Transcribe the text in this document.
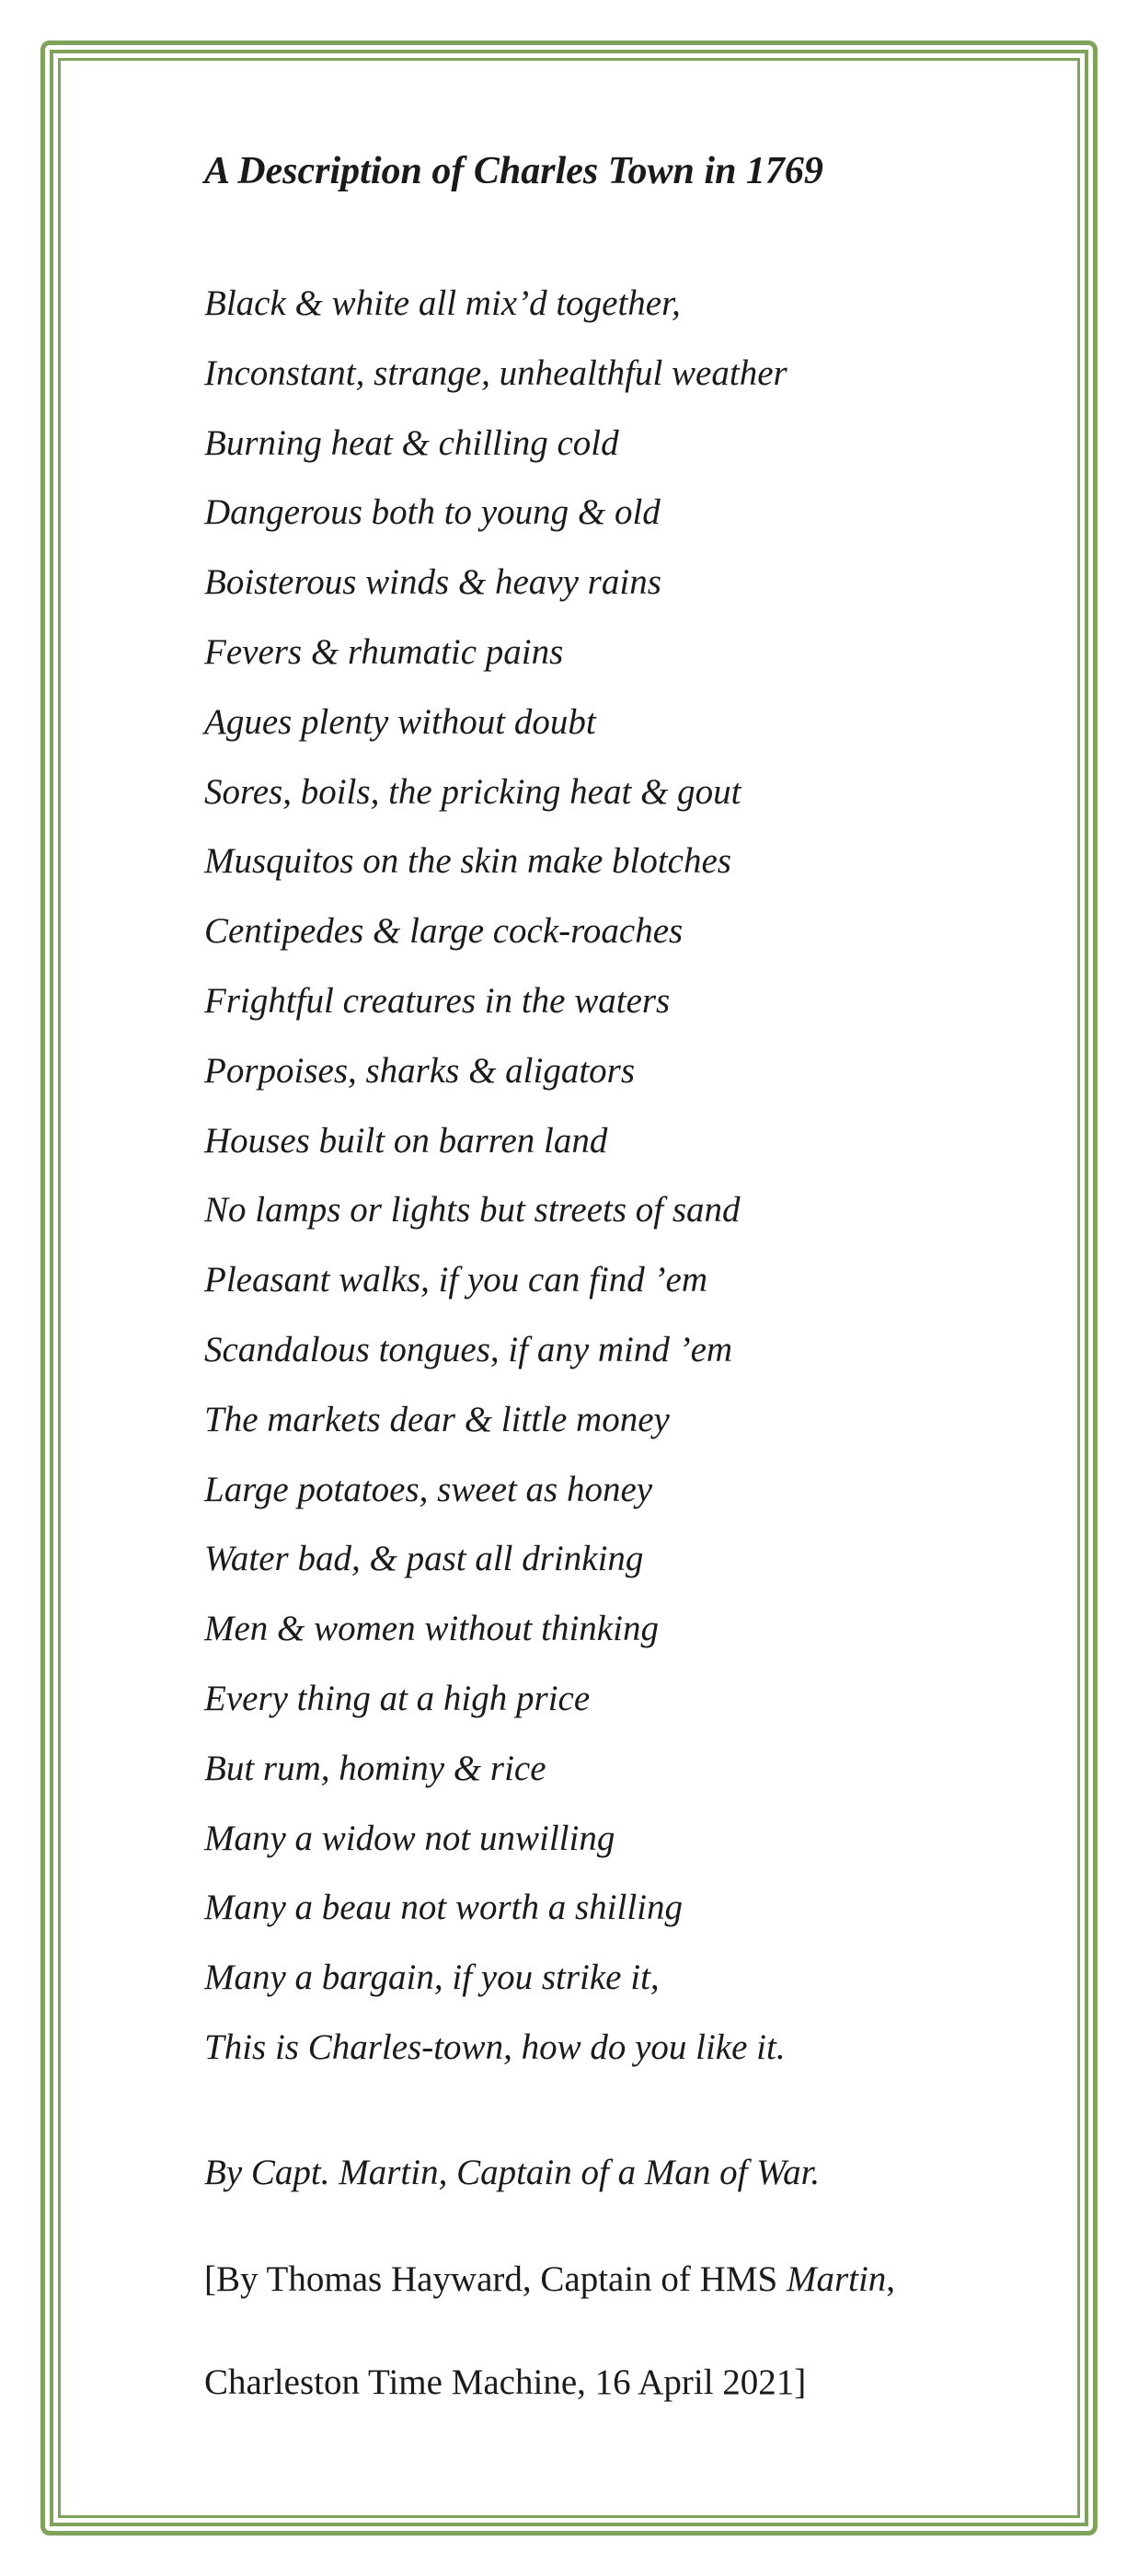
A Description of Charles Town in 1769
Black & white all mix’d together,
Inconstant, strange, unhealthful weather
Burning heat & chilling cold
Dangerous both to young & old
Boisterous winds & heavy rains
Fevers & rhumatic pains
Agues plenty without doubt
Sores, boils, the pricking heat & gout
Musquitos on the skin make blotches
Centipedes & large cock-roaches
Frightful creatures in the waters
Porpoises, sharks & aligators
Houses built on barren land
No lamps or lights but streets of sand
Pleasant walks, if you can find ’em
Scandalous tongues, if any mind ’em
The markets dear & little money
Large potatoes, sweet as honey
Water bad, & past all drinking
Men & women without thinking
Every thing at a high price
But rum, hominy & rice
Many a widow not unwilling
Many a beau not worth a shilling
Many a bargain, if you strike it,
This is Charles-town, how do you like it.

By Capt. Martin, Captain of a Man of War.

[By Thomas Hayward, Captain of HMS Martin,

Charleston Time Machine, 16 April 2021]
